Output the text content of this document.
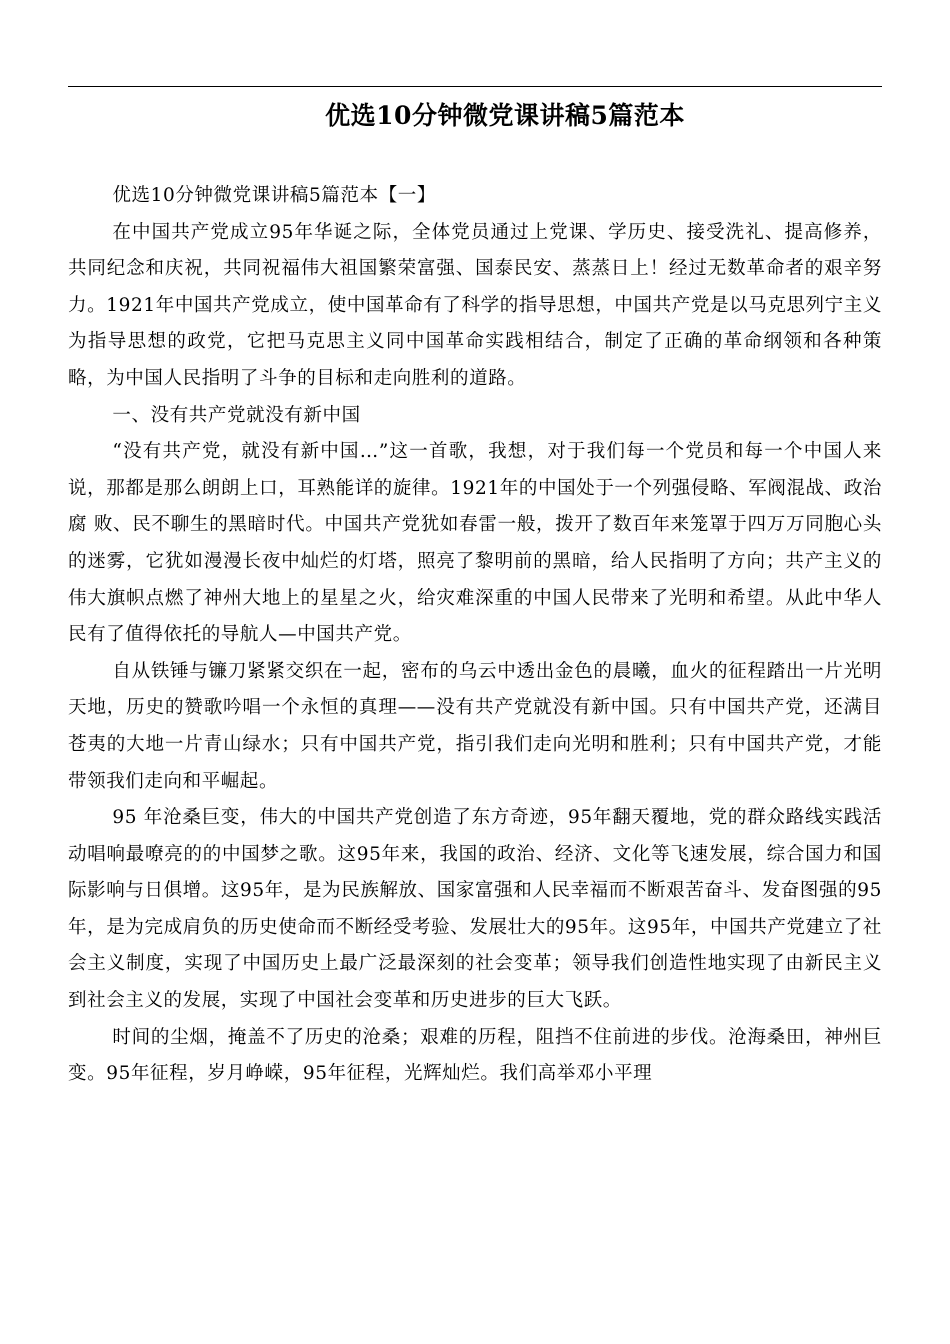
优选10分钟微党课讲稿5篇范本

优选10分钟微党课讲稿5篇范本【一】

在中国共产党成立95年华诞之际，全体党员通过上党课、学历史、接受洗礼、提高修养，共同纪念和庆祝，共同祝福伟大祖国繁荣富强、国泰民安、蒸蒸日上！经过无数革命者的艰辛努力。1921年中国共产党成立，使中国革命有了科学的指导思想，中国共产党是以马克思列宁主义为指导思想的政党，它把马克思主义同中国革命实践相结合，制定了正确的革命纲领和各种策略，为中国人民指明了斗争的目标和走向胜利的道路。

一、没有共产党就没有新中国

“没有共产党，就没有新中国…”这一首歌，我想，对于我们每一个党员和每一个中国人来说，那都是那么朗朗上口，耳熟能详的旋律。1921年的中国处于一个列强侵略、军阀混战、政治腐 败、民不聊生的黑暗时代。中国共产党犹如春雷一般，拨开了数百年来笼罩于四万万同胞心头的迷雾，它犹如漫漫长夜中灿烂的灯塔，照亮了黎明前的黑暗，给人民指明了方向；共产主义的伟大旗帜点燃了神州大地上的星星之火，给灾难深重的中国人民带来了光明和希望。从此中华人民有了值得依托的导航人—中国共产党。

自从铁锤与镰刀紧紧交织在一起，密布的乌云中透出金色的晨曦，血火的征程踏出一片光明天地，历史的赞歌吟唱一个永恒的真理——没有共产党就没有新中国。只有中国共产党，还满目苍夷的大地一片青山绿水；只有中国共产党，指引我们走向光明和胜利；只有中国共产党，才能带领我们走向和平崛起。

95 年沧桑巨变，伟大的中国共产党创造了东方奇迹，95年翻天覆地，党的群众路线实践活动唱响最嘹亮的的中国梦之歌。这95年来，我国的政治、经济、文化等飞速发展，综合国力和国际影响与日俱增。这95年，是为民族解放、国家富强和人民幸福而不断艰苦奋斗、发奋图强的95年，是为完成肩负的历史使命而不断经受考验、发展壮大的95年。这95年，中国共产党建立了社会主义制度，实现了中国历史上最广泛最深刻的社会变革；领导我们创造性地实现了由新民主义到社会主义的发展，实现了中国社会变革和历史进步的巨大飞跃。

时间的尘烟，掩盖不了历史的沧桑；艰难的历程，阻挡不住前进的步伐。沧海桑田，神州巨变。95年征程，岁月峥嵘，95年征程，光辉灿烂。我们高举邓小平理
